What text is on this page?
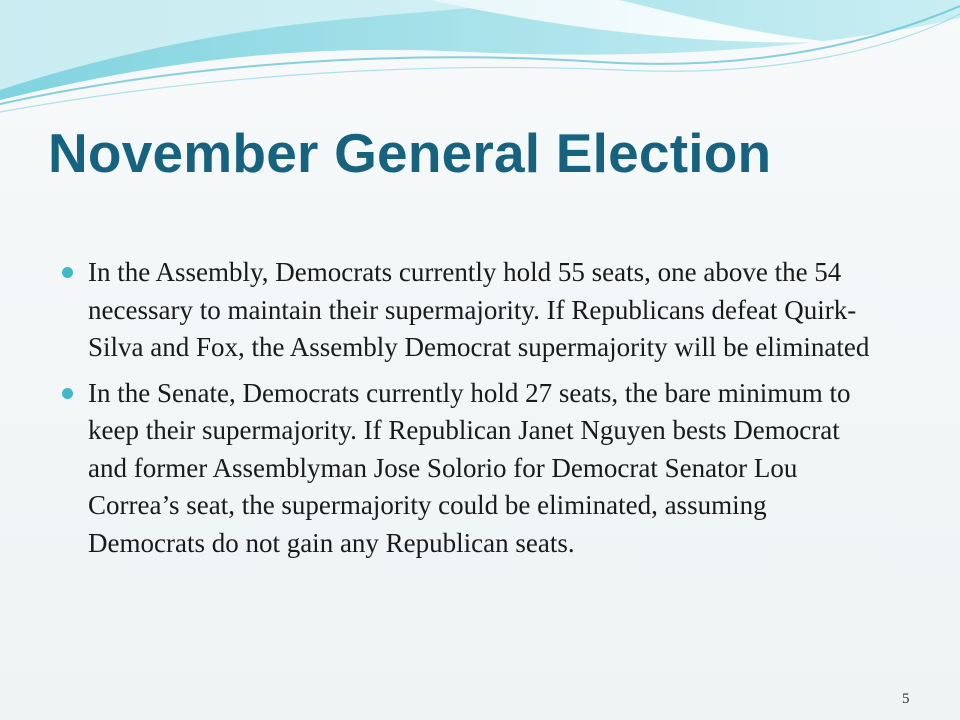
November General Election
In the Assembly, Democrats currently hold 55 seats, one above the 54 necessary to maintain their supermajority. If Republicans defeat Quirk-Silva and Fox, the Assembly Democrat supermajority will be eliminated
In the Senate, Democrats currently hold 27 seats, the bare minimum to keep their supermajority. If Republican Janet Nguyen bests Democrat and former Assemblyman Jose Solorio for Democrat Senator Lou Correa’s seat, the supermajority could be eliminated, assuming Democrats do not gain any Republican seats.
5
